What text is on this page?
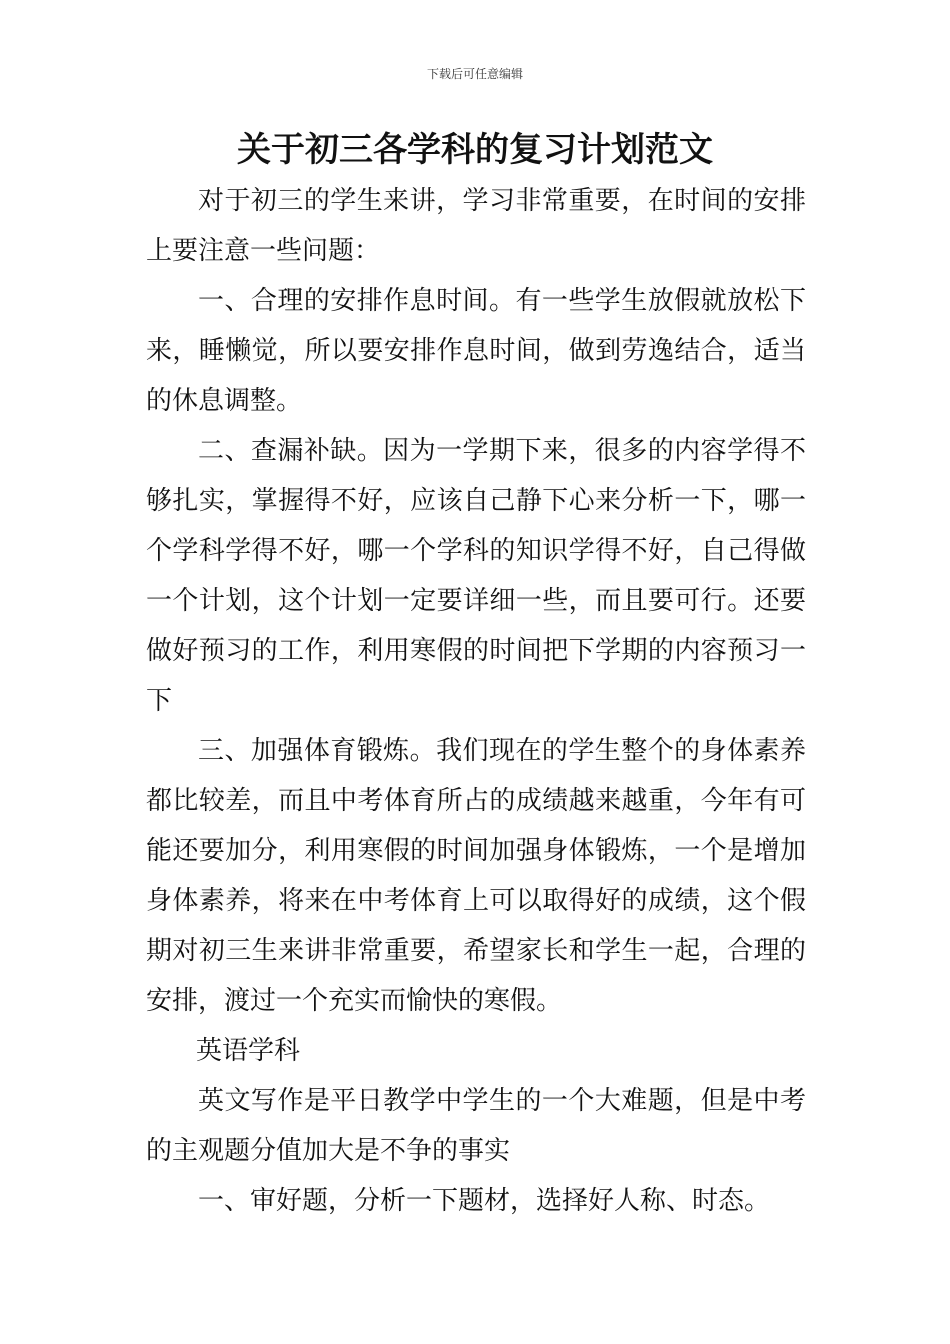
下载后可任意编辑
关于初三各学科的复习计划范文

对于初三的学生来讲，学习非常重要，在时间的安排上要注意一些问题：

一、合理的安排作息时间。有一些学生放假就放松下来，睡懒觉，所以要安排作息时间，做到劳逸结合，适当的休息调整。

二、查漏补缺。因为一学期下来，很多的内容学得不够扎实，掌握得不好，应该自己静下心来分析一下，哪一个学科学得不好，哪一个学科的知识学得不好，自己得做一个计划，这个计划一定要详细一些，而且要可行。还要做好预习的工作，利用寒假的时间把下学期的内容预习一下

三、加强体育锻炼。我们现在的学生整个的身体素养都比较差，而且中考体育所占的成绩越来越重，今年有可能还要加分，利用寒假的时间加强身体锻炼，一个是增加身体素养，将来在中考体育上可以取得好的成绩，这个假期对初三生来讲非常重要，希望家长和学生一起，合理的安排，渡过一个充实而愉快的寒假。

英语学科

英文写作是平日教学中学生的一个大难题，但是中考的主观题分值加大是不争的事实

一、审好题，分析一下题材，选择好人称、时态。
